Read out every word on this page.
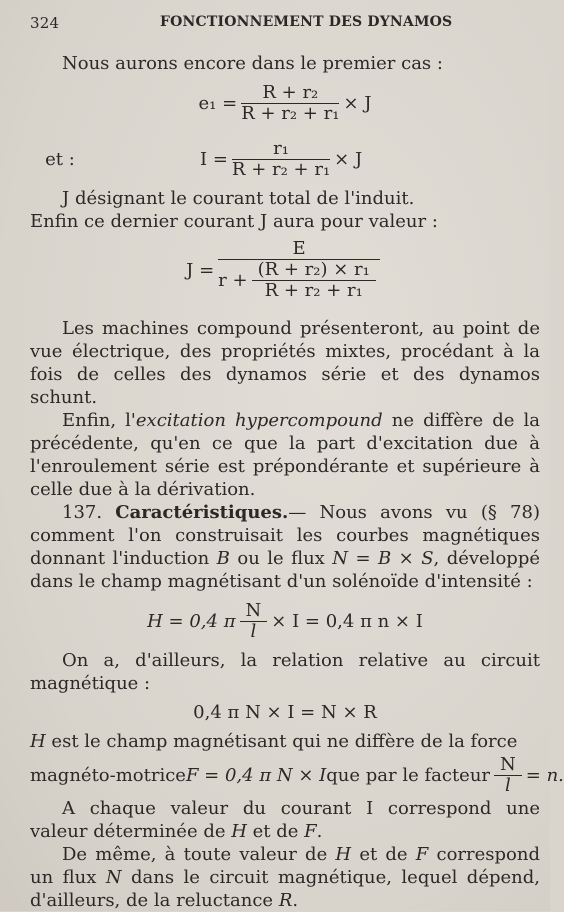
324	FONCTIONNEMENT DES DYNAMOS

Nous aurons encore dans le premier cas :

$e_1 = \frac{\text{R + r₂}}{\text{R + r₂ + r₁}} \times J$
et :	$I = \frac{\text{r₁}}{\text{R + r₂ + r₁}} \times J$

J désignant le courant total de l'induit.

Enfin ce dernier courant J aura pour valeur :

J =
E
$r + \frac{\text{(R + r₂) × r₁}}{\text{R + r₂ + r₁}}$

Les machines compound présenteront, au point de vue électrique, des propriétés mixtes, procédant à la fois de celles des dynamos série et des dynamos schunt.

Enfin, l'excitation hypercompound ne diffère de la précédente, qu'en ce que la part d'excitation due à l'enroulement série est prépondérante et supérieure à celle due à la dérivation.

137. Caractéristiques.— Nous avons vu (§ 78) comment l'on construisait les courbes magnétiques donnant l'induction B ou le flux N = B × S, développé dans le champ magnétisant d'un solénoïde d'intensité :

H = 0,4 π $\frac{N}{l} \times I = 0,4$ π n × I

On a, d'ailleurs, la relation relative au circuit magnétique :

0,4 π N × I = N × R

H est le champ magnétisant qui ne diffère de la force

magnéto-motrice F = 0,4 π N × I que par le facteur $\frac{N}{l} = n$.

A chaque valeur du courant I correspond une valeur déterminée de H et de F.

De même, à toute valeur de H et de F correspond un flux N dans le circuit magnétique, lequel dépend, d'ailleurs, de la reluctance R.
